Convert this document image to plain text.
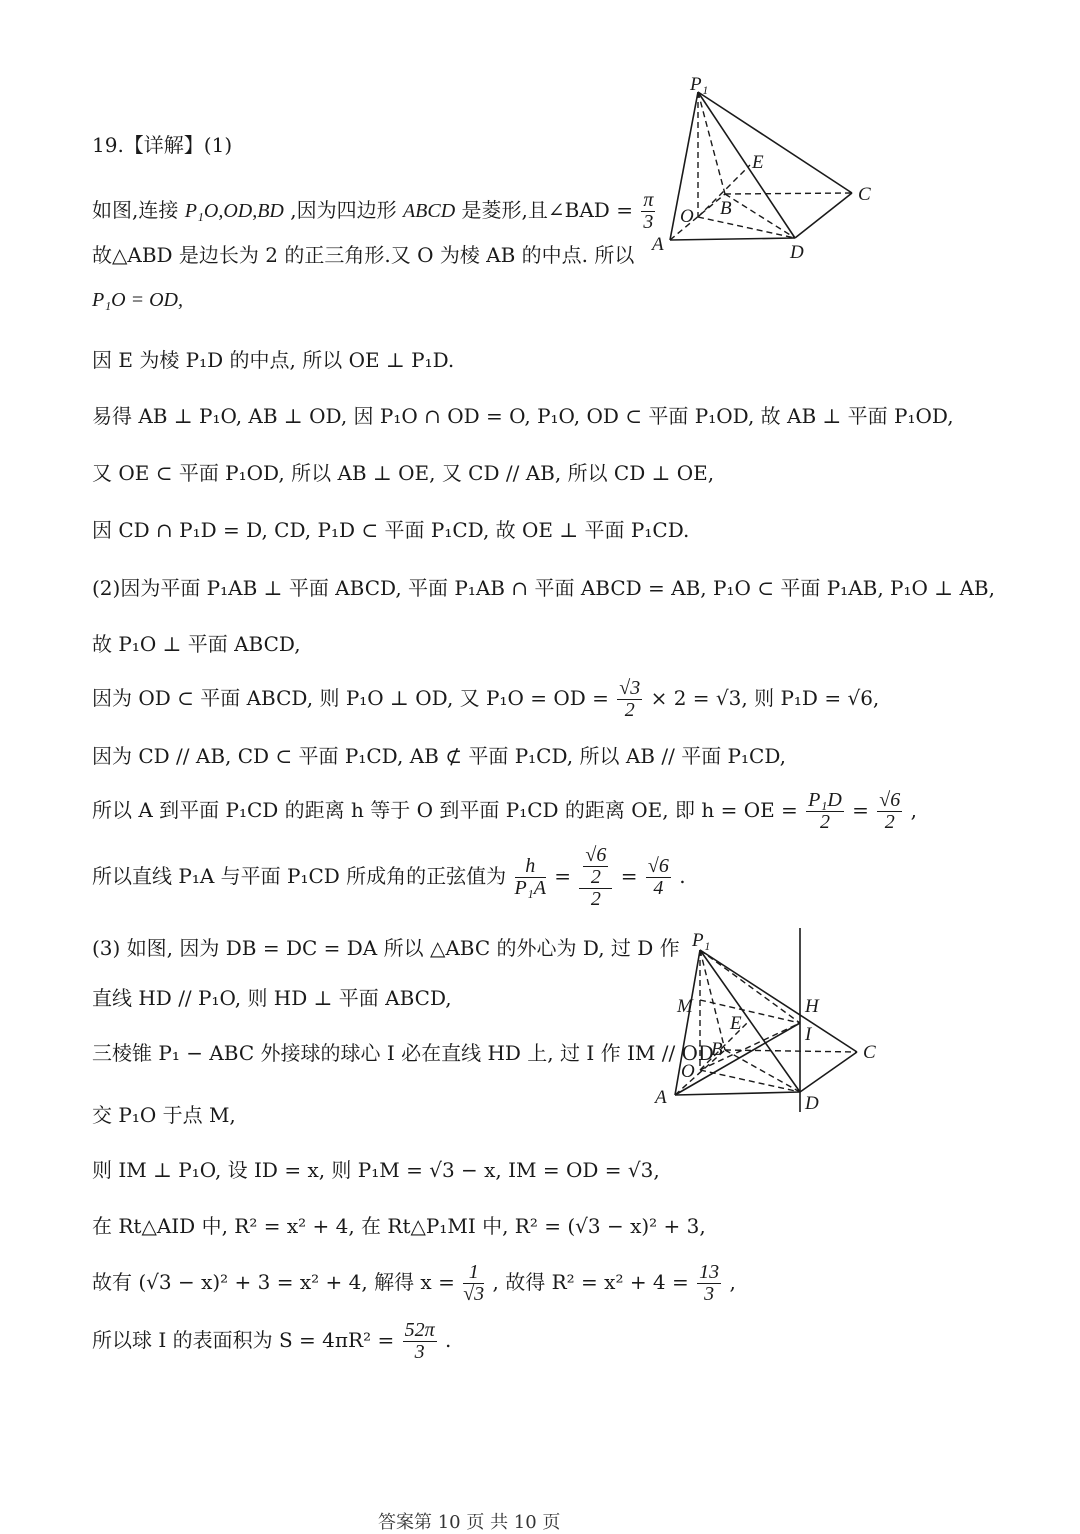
19.【详解】(1)
如图,连接 P₁O,OD,BD ,因为四边形 ABCD 是菱形,且∠BAD = $\frac{\pi}{3}$
故△ABD 是边长为 2 的正三角形.又 O 为棱 AB 的中点. 所以
P₁O = OD,
因 E 为棱 P₁D 的中点, 所以 OE ⊥ P₁D.
易得 AB ⊥ P₁O, AB ⊥ OD, 因 P₁O ∩ OD = O, P₁O, OD ⊂ 平面 P₁OD, 故 AB ⊥ 平面 P₁OD,
又 OE ⊂ 平面 P₁OD, 所以 AB ⊥ OE, 又 CD // AB, 所以 CD ⊥ OE,
因 CD ∩ P₁D = D, CD, P₁D ⊂ 平面 P₁CD, 故 OE ⊥ 平面 P₁CD.
(2)因为平面 P₁AB ⊥ 平面 ABCD, 平面 P₁AB ∩ 平面 ABCD = AB, P₁O ⊂ 平面 P₁AB, P₁O ⊥ AB,
故 P₁O ⊥ 平面 ABCD,
因为 OD ⊂ 平面 ABCD, 则 P₁O ⊥ OD, 又 P₁O = OD = $\frac{√3}{2} \times 2 = √3$, 则 P₁D = √6,
因为 CD // AB, CD ⊂ 平面 P₁CD, AB ⊄ 平面 P₁CD, 所以 AB // 平面 P₁CD,
所以 A 到平面 P₁CD 的距离 h 等于 O 到平面 P₁CD 的距离 OE, 即 h = OE = $\frac{\text{P₁D}}{2} = \frac{√6}{2}$ ,
所以直线 P₁A 与平面 P₁CD 所成角的正弦值为 $\frac{h}{\text{P₁A}} = √6$
2
$2 = \frac{√6}{4}$ .
(3) 如图, 因为 DB = DC = DA 所以 △ABC 的外心为 D, 过 D 作
直线 HD // P₁O, 则 HD ⊥ 平面 ABCD,
三棱锥 P₁ − ABC 外接球的球心 I 必在直线 HD 上, 过 I 作 IM // OD
交 P₁O 于点 M,
则 IM ⊥ P₁O, 设 ID = x, 则 P₁M = √3 − x, IM = OD = √3,
在 Rt△AID 中, R² = x² + 4, 在 Rt△P₁MI 中, R² = (√3 − x)² + 3,
故有 (√3 − x)² + 3 = x² + 4, 解得 $x = \frac{1}{√3}$ , 故得 $R^2 = x^2 + 4 = \frac{13}{3}$ ,
所以球 I 的表面积为 $S = 4\pi R^2 = \frac{52\pi}{3}$ .
P₁
E
C
O B
A	D
P₁
M	H
E
I
B	C
O
A	D
答案第 10 页 共 10 页
